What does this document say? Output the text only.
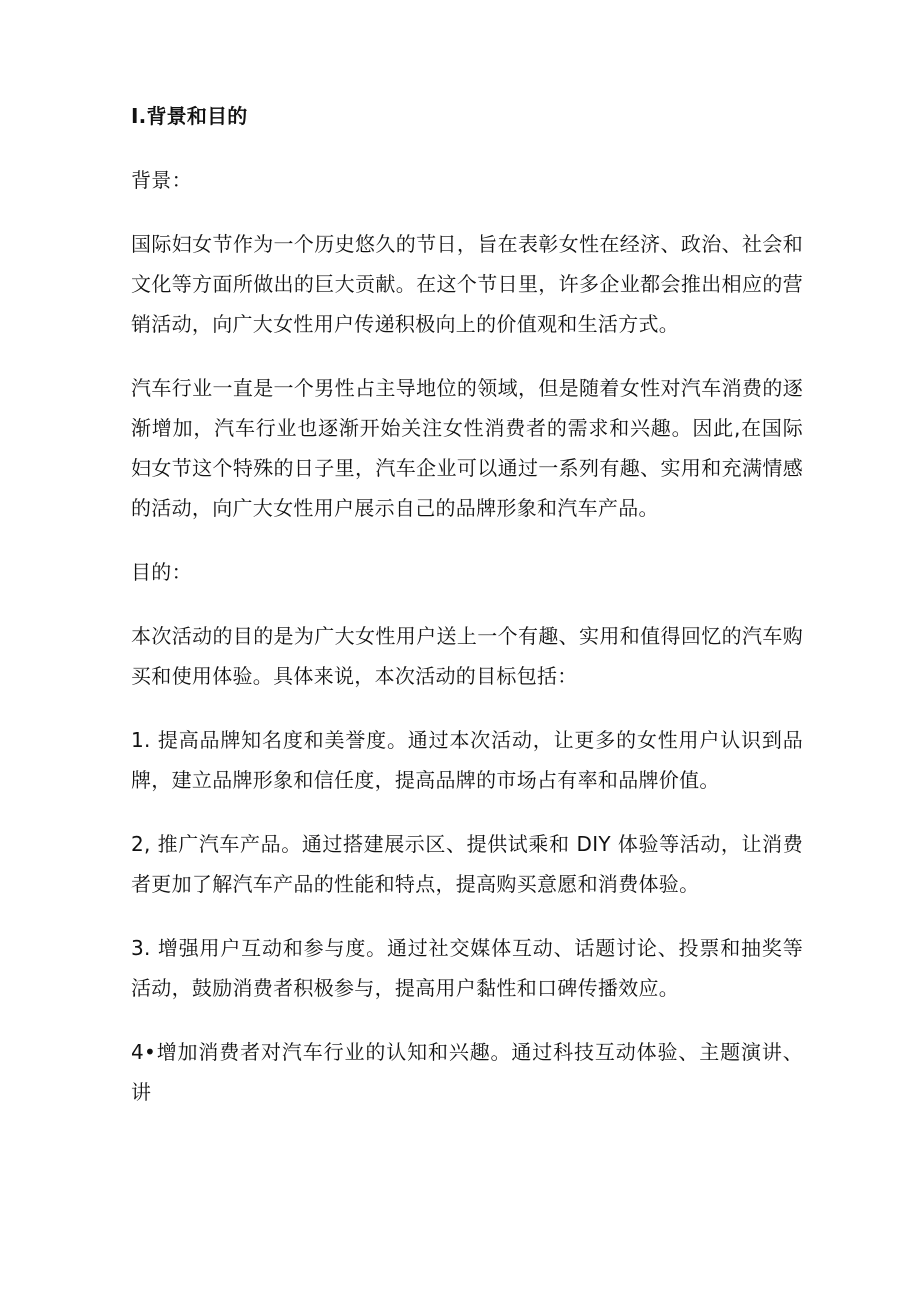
I.背景和目的
背景：
国际妇女节作为一个历史悠久的节日，旨在表彰女性在经济、政治、社会和文化等方面所做出的巨大贡献。在这个节日里，许多企业都会推出相应的营销活动，向广大女性用户传递积极向上的价值观和生活方式。
汽车行业一直是一个男性占主导地位的领域，但是随着女性对汽车消费的逐渐增加，汽车行业也逐渐开始关注女性消费者的需求和兴趣。因此,在国际妇女节这个特殊的日子里，汽车企业可以通过一系列有趣、实用和充满情感的活动，向广大女性用户展示自己的品牌形象和汽车产品。
目的：
本次活动的目的是为广大女性用户送上一个有趣、实用和值得回忆的汽车购买和使用体验。具体来说，本次活动的目标包括：
1. 提高品牌知名度和美誉度。通过本次活动，让更多的女性用户认识到品牌，建立品牌形象和信任度，提高品牌的市场占有率和品牌价值。
2, 推广汽车产品。通过搭建展示区、提供试乘和 DIY 体验等活动，让消费者更加了解汽车产品的性能和特点，提高购买意愿和消费体验。
3. 增强用户互动和参与度。通过社交媒体互动、话题讨论、投票和抽奖等活动，鼓励消费者积极参与，提高用户黏性和口碑传播效应。
4•增加消费者对汽车行业的认知和兴趣。通过科技互动体验、主题演讲、讲
